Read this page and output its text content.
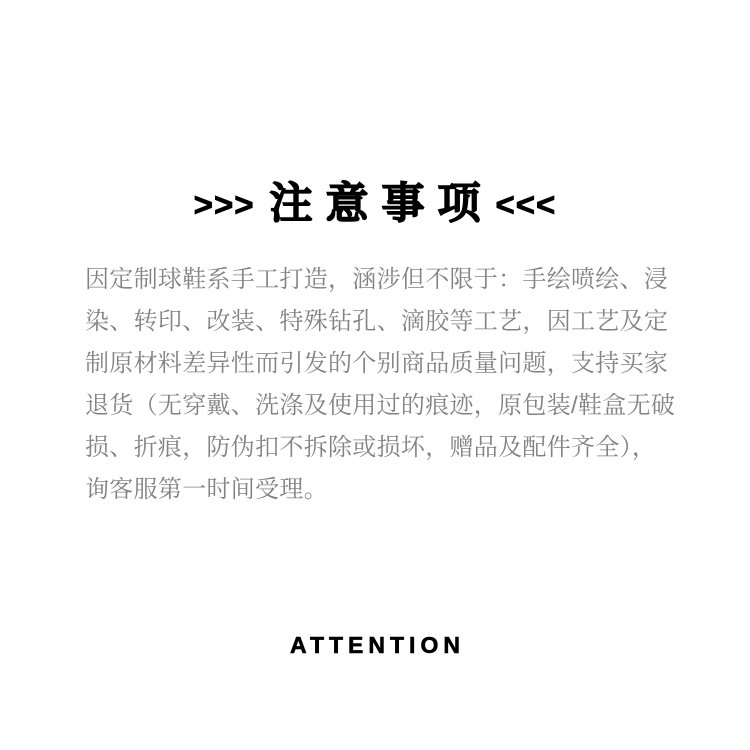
>>> 注意事项 <<<
因定制球鞋系手工打造，涵涉但不限于：手绘喷绘、浸
染、转印、改装、特殊钻孔、滴胶等工艺，因工艺及定
制原材料差异性而引发的个别商品质量问题，支持买家
退货（无穿戴、洗涤及使用过的痕迹，原包装/鞋盒无破
损、折痕，防伪扣不拆除或损坏，赠品及配件齐全），
询客服第一时间受理。
ATTENTION
